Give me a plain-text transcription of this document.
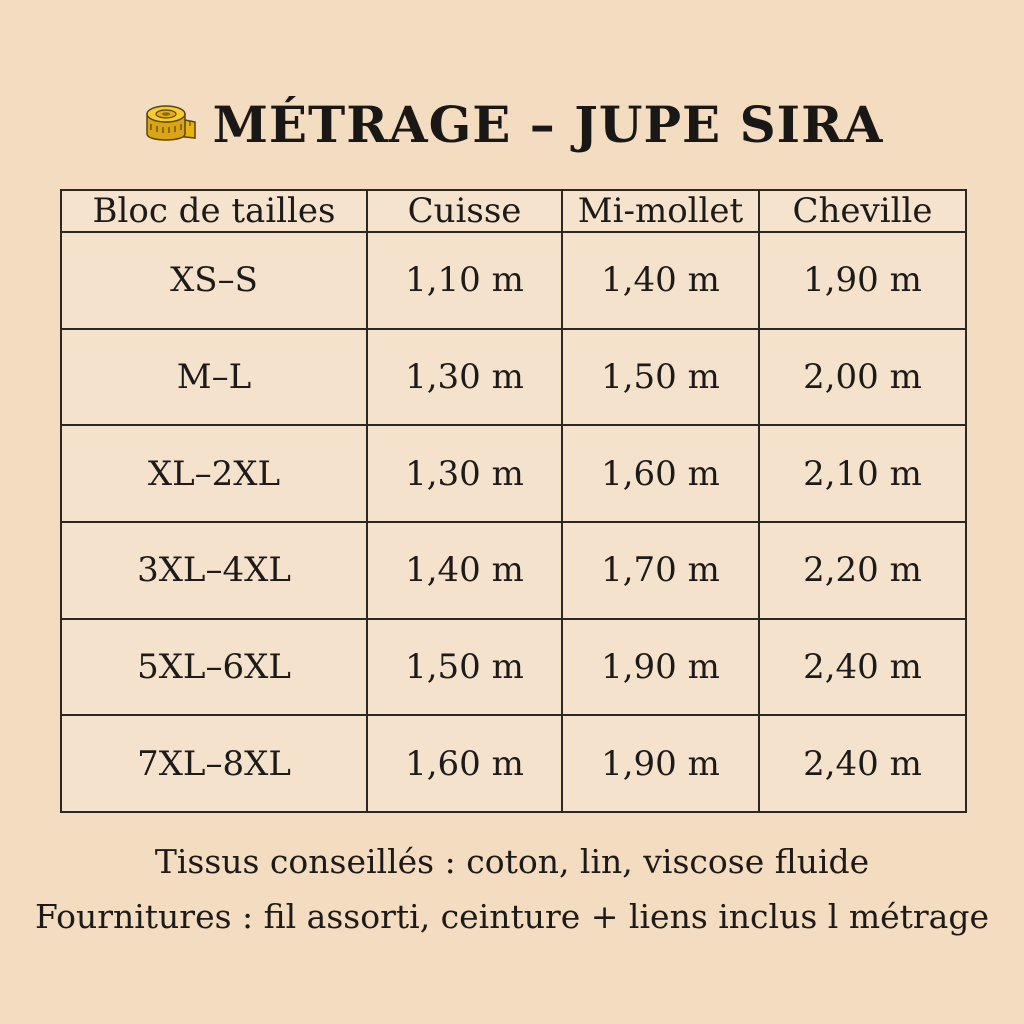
MÉTRAGE – JUPE SIRA
Bloc de tailles	Cuisse	Mi-mollet	Cheville
XS–S	1,10 m	1,40 m	1,90 m
M–L	1,30 m	1,50 m	2,00 m
XL–2XL	1,30 m	1,60 m	2,10 m
3XL–4XL	1,40 m	1,70 m	2,20 m
5XL–6XL	1,50 m	1,90 m	2,40 m
7XL–8XL	1,60 m	1,90 m	2,40 m
Tissus conseillés : coton, lin, viscose fluide
Fournitures : fil assorti, ceinture + liens inclus l métrage
